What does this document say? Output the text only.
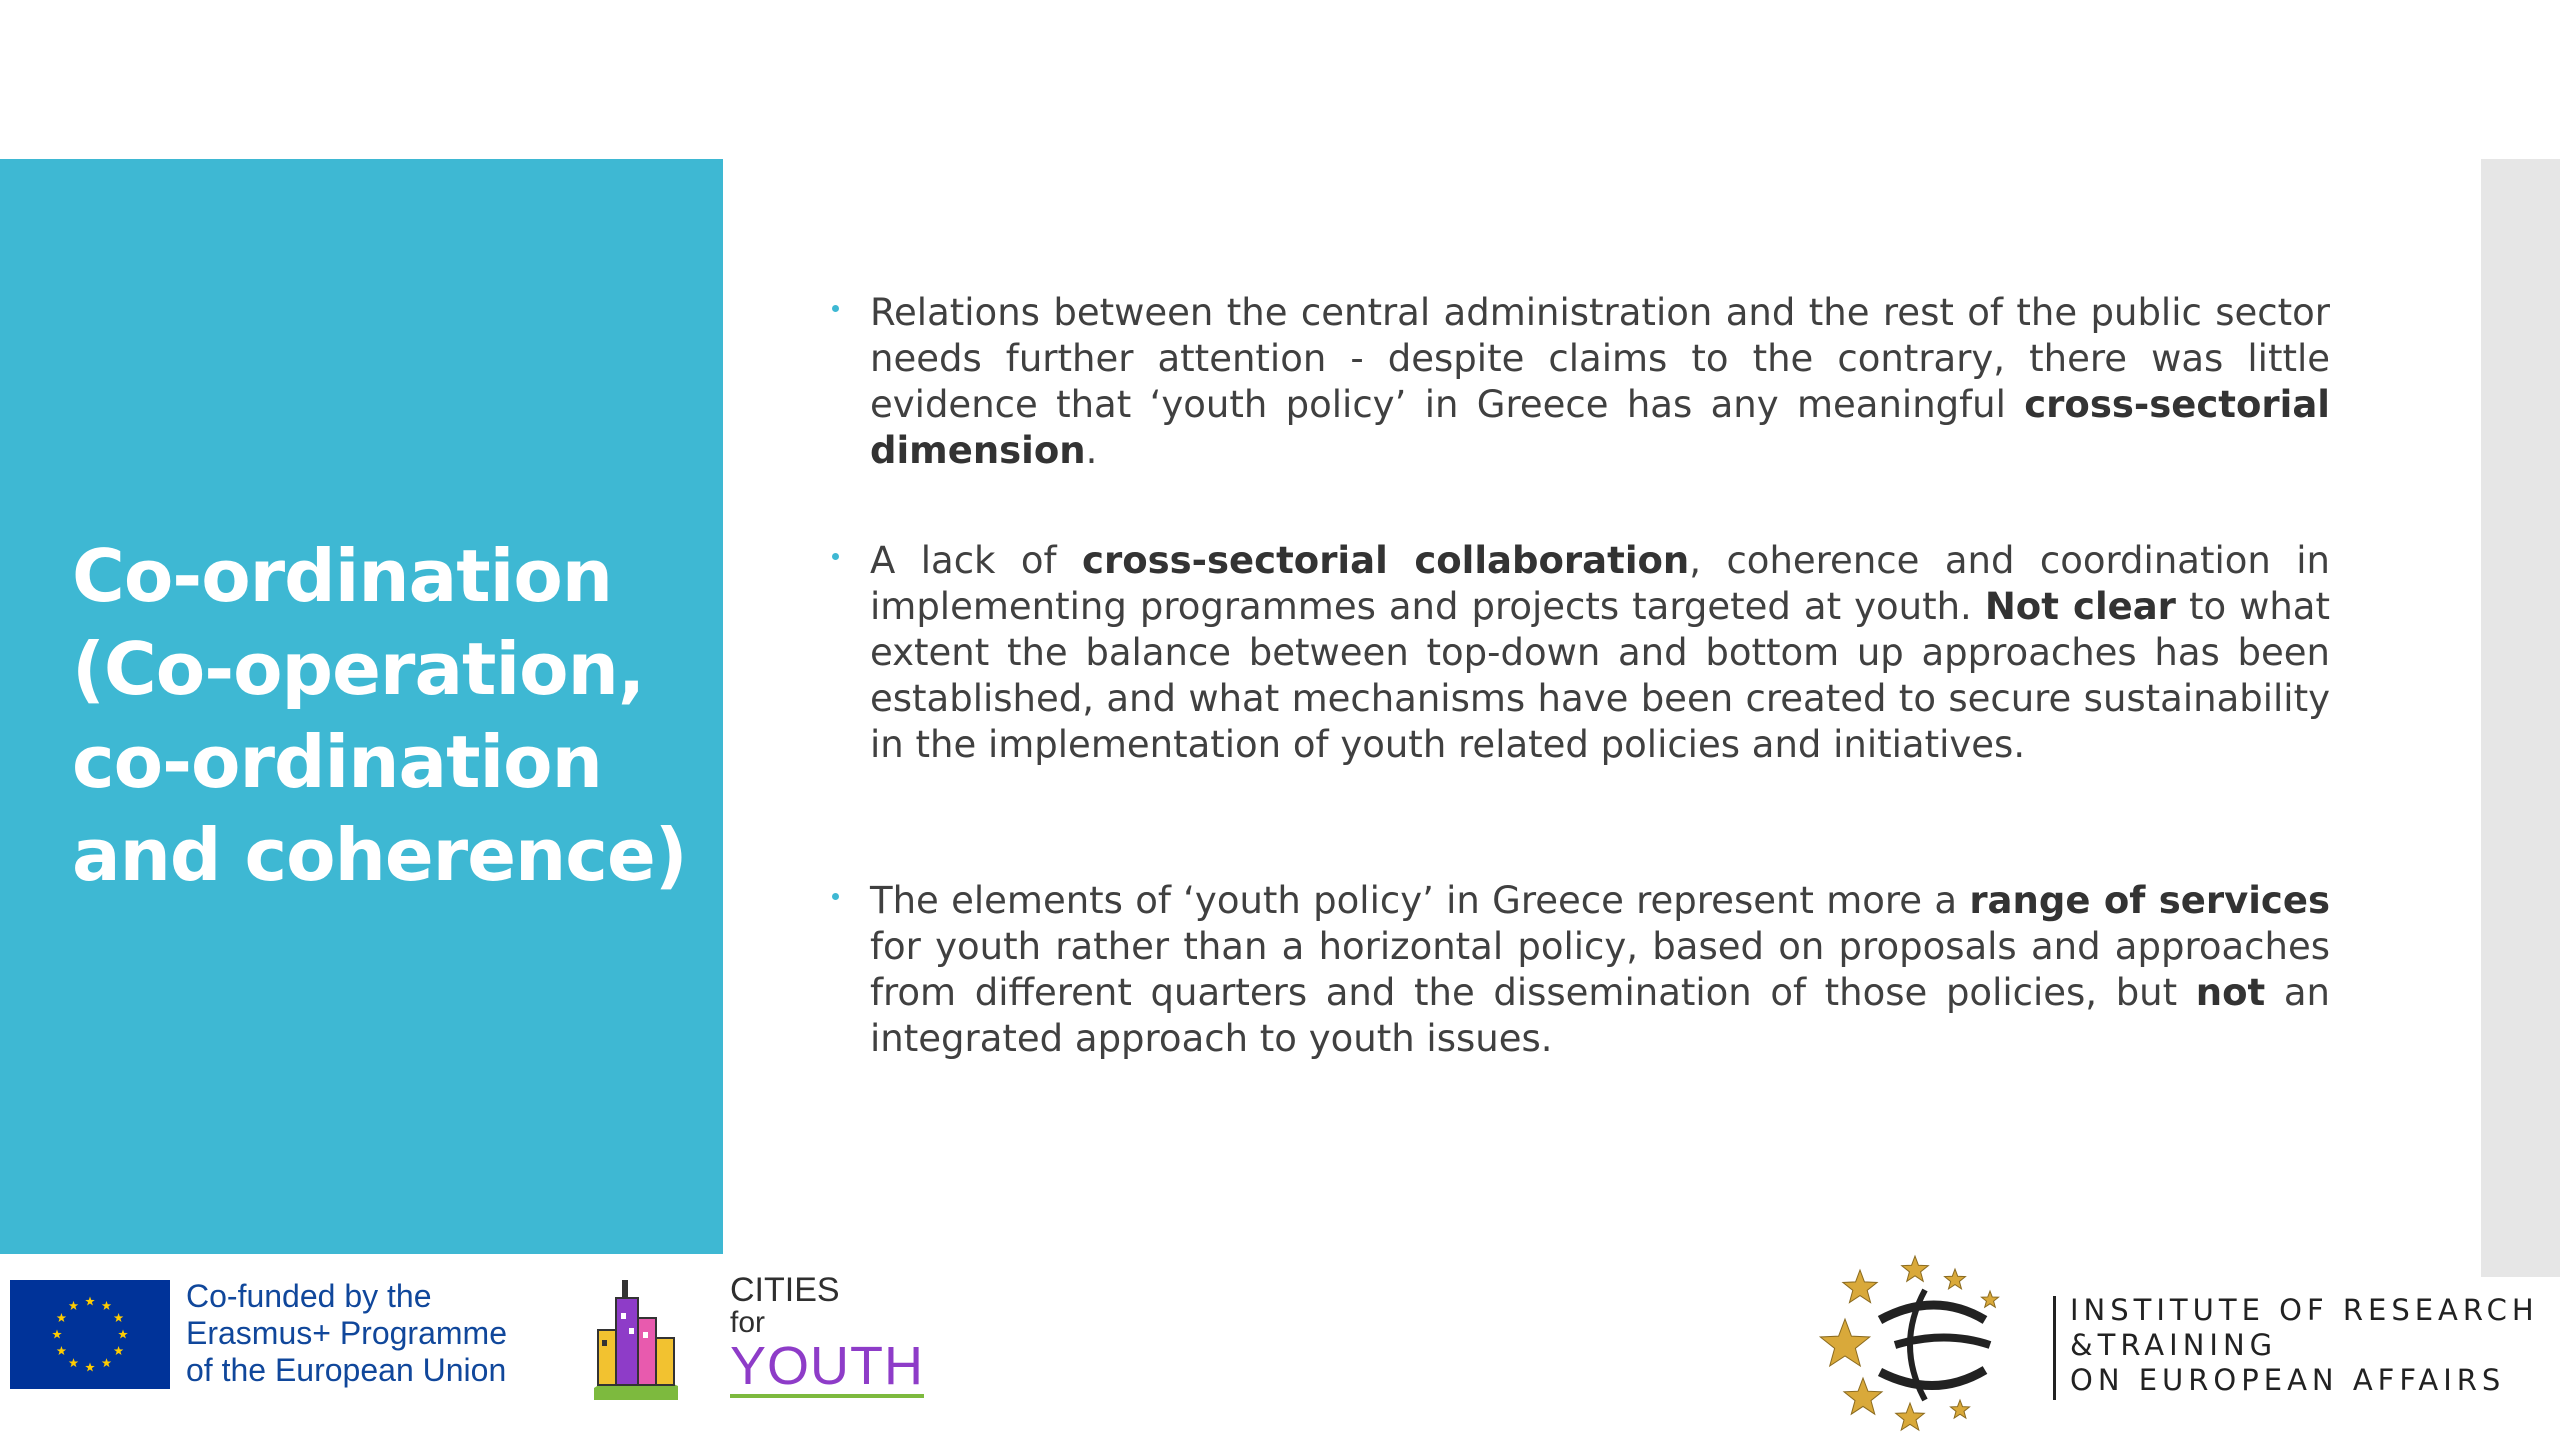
Co-ordination
(Co-operation,
co-ordination
and coherence)
Relations between the central administration and the rest of the public sector needs further attention - despite claims to the contrary, there was little evidence that ‘youth policy’ in Greece has any meaningful cross-sectorial dimension.
A lack of cross-sectorial collaboration, coherence and coordination in implementing programmes and projects targeted at youth. Not clear to what extent the balance between top-down and bottom up approaches has been established, and what mechanisms have been created to secure sustainability in the implementation of youth related policies and initiatives.
The elements of ‘youth policy’ in Greece represent more a range of services for youth rather than a horizontal policy, based on proposals and approaches from different quarters and the dissemination of those policies, but not an integrated approach to youth issues.
Co-funded by the
Erasmus+ Programme
of the European Union
CITIES
for
YOUTH
INSTITUTE OF RESEARCH
&TRAINING
ON EUROPEAN AFFAIRS
